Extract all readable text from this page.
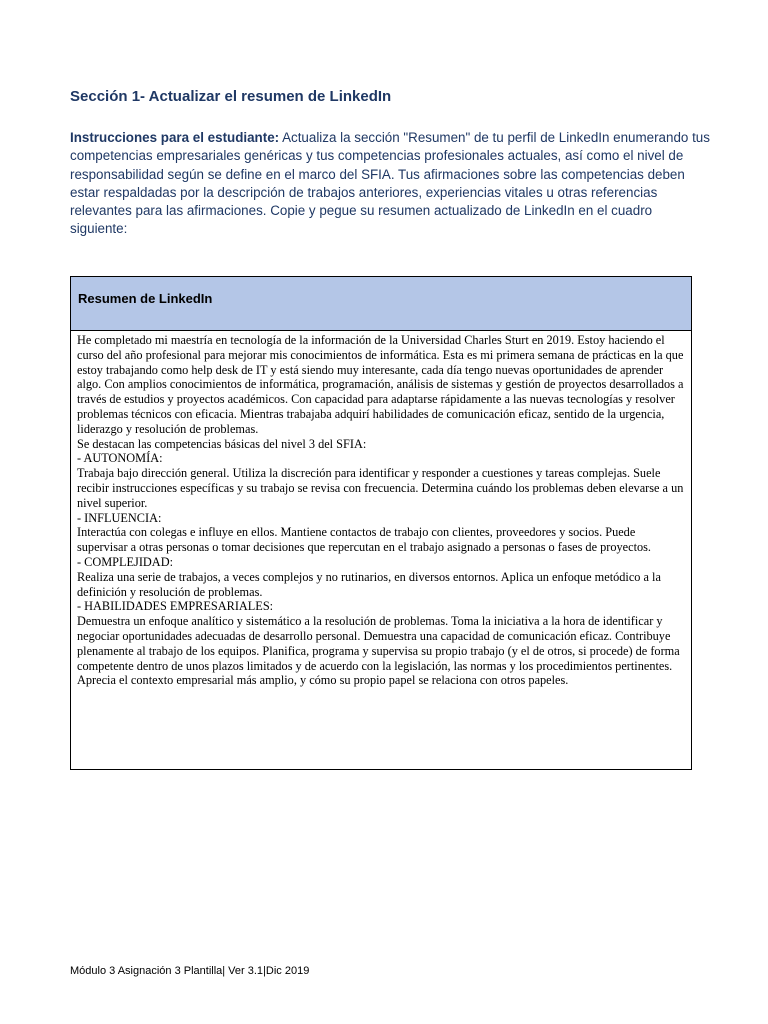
Sección 1- Actualizar el resumen de LinkedIn

Instrucciones para el estudiante: Actualiza la sección "Resumen" de tu perfil de LinkedIn enumerando tus competencias empresariales genéricas y tus competencias profesionales actuales, así como el nivel de responsabilidad según se define en el marco del SFIA. Tus afirmaciones sobre las competencias deben estar respaldadas por la descripción de trabajos anteriores, experiencias vitales u otras referencias relevantes para las afirmaciones. Copie y pegue su resumen actualizado de LinkedIn en el cuadro siguiente:

Resumen de LinkedIn

He completado mi maestría en tecnología de la información de la Universidad Charles Sturt en 2019. Estoy haciendo el curso del año profesional para mejorar mis conocimientos de informática. Esta es mi primera semana de prácticas en la que estoy trabajando como help desk de IT y está siendo muy interesante, cada día tengo nuevas oportunidades de aprender algo. Con amplios conocimientos de informática, programación, análisis de sistemas y gestión de proyectos desarrollados a través de estudios y proyectos académicos. Con capacidad para adaptarse rápidamente a las nuevas tecnologías y resolver problemas técnicos con eficacia. Mientras trabajaba adquirí habilidades de comunicación eficaz, sentido de la urgencia, liderazgo y resolución de problemas.

Se destacan las competencias básicas del nivel 3 del SFIA:

- AUTONOMÍA:

Trabaja bajo dirección general. Utiliza la discreción para identificar y responder a cuestiones y tareas complejas. Suele recibir instrucciones específicas y su trabajo se revisa con frecuencia. Determina cuándo los problemas deben elevarse a un nivel superior.

- INFLUENCIA:

Interactúa con colegas e influye en ellos. Mantiene contactos de trabajo con clientes, proveedores y socios. Puede supervisar a otras personas o tomar decisiones que repercutan en el trabajo asignado a personas o fases de proyectos.

- COMPLEJIDAD:

Realiza una serie de trabajos, a veces complejos y no rutinarios, en diversos entornos. Aplica un enfoque metódico a la definición y resolución de problemas.

- HABILIDADES EMPRESARIALES:

Demuestra un enfoque analítico y sistemático a la resolución de problemas. Toma la iniciativa a la hora de identificar y negociar oportunidades adecuadas de desarrollo personal. Demuestra una capacidad de comunicación eficaz. Contribuye plenamente al trabajo de los equipos. Planifica, programa y supervisa su propio trabajo (y el de otros, si procede) de forma competente dentro de unos plazos limitados y de acuerdo con la legislación, las normas y los procedimientos pertinentes. Aprecia el contexto empresarial más amplio, y cómo su propio papel se relaciona con otros papeles.

Módulo 3 Asignación 3 Plantilla| Ver 3.1|Dic 2019
